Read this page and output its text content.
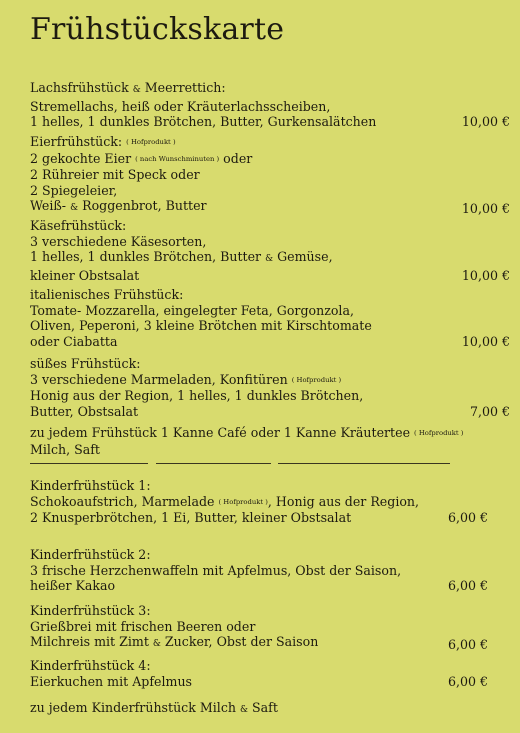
Frühstückskarte
Lachsfrühstück & Meerrettich:
Stremellachs, heiß oder Kräuterlachsscheiben,
1 helles, 1 dunkles Brötchen, Butter, Gurkensalätchen	10,00 €
Eierfrühstück: ( Hofprodukt )
2 gekochte Eier ( nach Wunschminuten ) oder
2 Rühreier mit Speck oder
2 Spiegeleier,
Weiß- & Roggenbrot, Butter	10,00 €
Käsefrühstück:
3 verschiedene Käsesorten,
1 helles, 1 dunkles Brötchen, Butter & Gemüse,
kleiner Obstsalat	10,00 €
italienisches Frühstück:
Tomate- Mozzarella, eingelegter Feta, Gorgonzola,
Oliven, Peperoni, 3 kleine Brötchen mit Kirschtomate
oder Ciabatta	10,00 €
süßes Frühstück:
3 verschiedene Marmeladen, Konfitüren ( Hofprodukt )
Honig aus der Region, 1 helles, 1 dunkles Brötchen,
Butter, Obstsalat	7,00 €
zu jedem Frühstück 1 Kanne Café oder 1 Kanne Kräutertee ( Hofprodukt )
Milch, Saft
Kinderfrühstück 1:
Schokoaufstrich, Marmelade ( Hofprodukt ), Honig aus der Region,
2 Knusperbrötchen, 1 Ei, Butter, kleiner Obstsalat	6,00 €
Kinderfrühstück 2:
3 frische Herzchenwaffeln mit Apfelmus, Obst der Saison,
heißer Kakao	6,00 €
Kinderfrühstück 3:
Grießbrei mit frischen Beeren oder
Milchreis mit Zimt & Zucker, Obst der Saison	6,00 €
Kinderfrühstück 4:
Eierkuchen mit Apfelmus	6,00 €
zu jedem Kinderfrühstück Milch & Saft
